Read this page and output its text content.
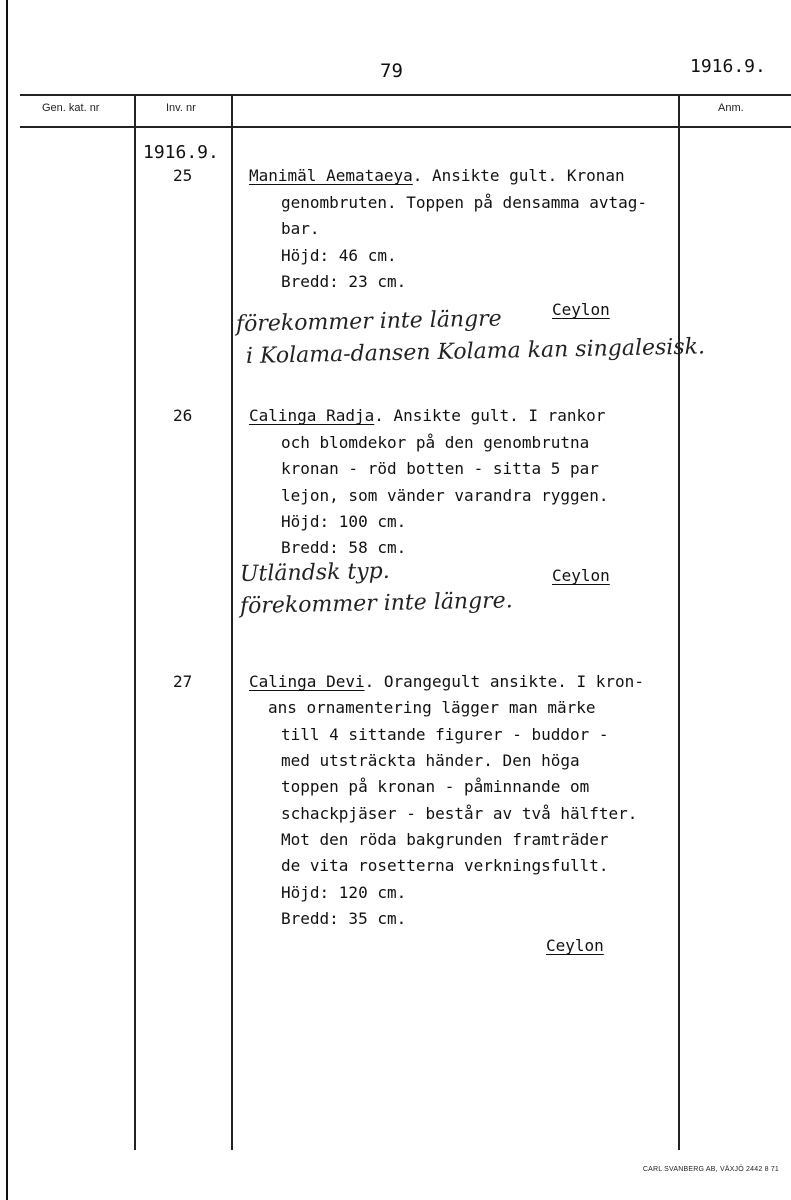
79	1916.9.
Gen. kat. nr	Inv. nr	Anm.
1916.9.
25	Manimäl Aemataeya. Ansikte gult. Kronan
genombruten. Toppen på densamma avtag-
bar.
Höjd: 46 cm.
Bredd: 23 cm.
Ceylon
förekommer inte längre
i Kolama-dansen Kolama kan singalesisk.
26	Calinga Radja. Ansikte gult. I rankor
och blomdekor på den genombrutna
kronan - röd botten - sitta 5 par
lejon, som vänder varandra ryggen.
Höjd: 100 cm.
Bredd: 58 cm.
Ceylon
Utländsk typ.
förekommer inte längre.
27	Calinga Devi. Orangegult ansikte. I kron-
ans ornamentering lägger man märke
till 4 sittande figurer - buddor -
med utsträckta händer. Den höga
toppen på kronan - påminnande om
schackpjäser - består av två hälfter.
Mot den röda bakgrunden framträder
de vita rosetterna verkningsfullt.
Höjd: 120 cm.
Bredd: 35 cm.
Ceylon
CARL SVANBERG AB, VÄXJÖ 2442 8 71
